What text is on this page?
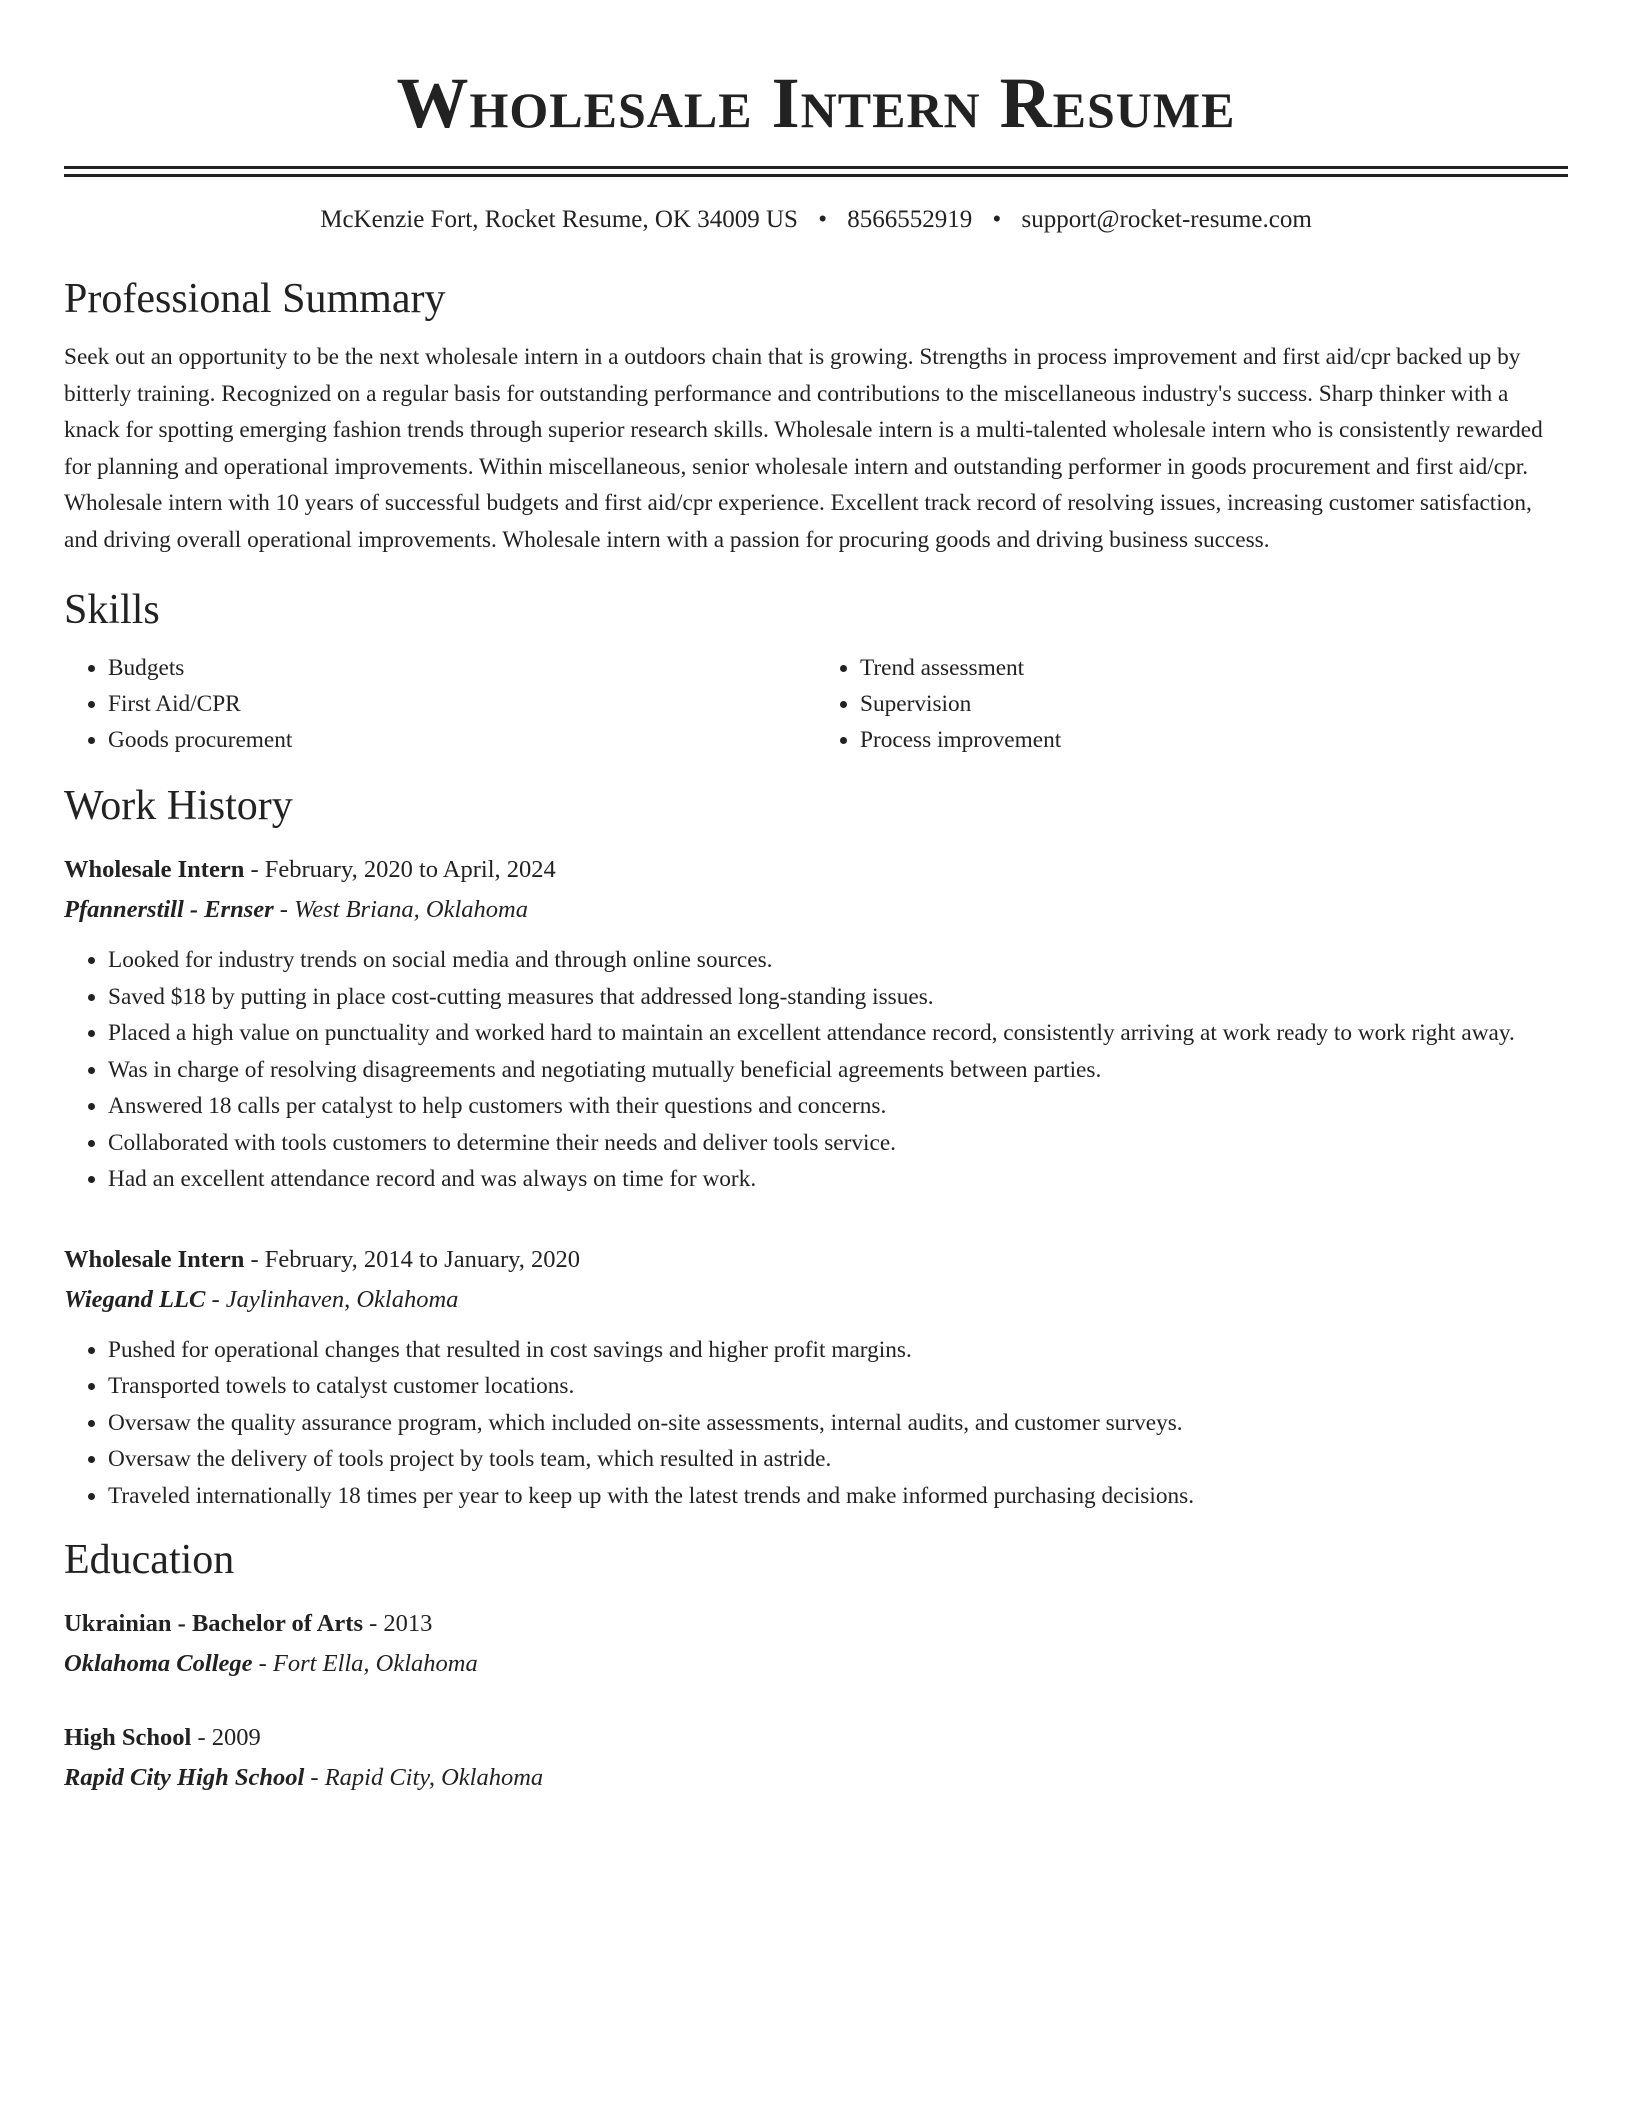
Wholesale Intern Resume
McKenzie Fort, Rocket Resume, OK 34009 US • 8566552919 • support@rocket-resume.com
Professional Summary
Seek out an opportunity to be the next wholesale intern in a outdoors chain that is growing. Strengths in process improvement and first aid/cpr backed up by bitterly training. Recognized on a regular basis for outstanding performance and contributions to the miscellaneous industry's success. Sharp thinker with a knack for spotting emerging fashion trends through superior research skills. Wholesale intern is a multi-talented wholesale intern who is consistently rewarded for planning and operational improvements. Within miscellaneous, senior wholesale intern and outstanding performer in goods procurement and first aid/cpr. Wholesale intern with 10 years of successful budgets and first aid/cpr experience. Excellent track record of resolving issues, increasing customer satisfaction, and driving overall operational improvements. Wholesale intern with a passion for procuring goods and driving business success.
Skills
• Budgets
• First Aid/CPR
• Goods procurement
• Trend assessment
• Supervision
• Process improvement
Work History
Wholesale Intern - February, 2020 to April, 2024
Pfannerstill - Ernser - West Briana, Oklahoma
• Looked for industry trends on social media and through online sources.
• Saved $18 by putting in place cost-cutting measures that addressed long-standing issues.
• Placed a high value on punctuality and worked hard to maintain an excellent attendance record, consistently arriving at work ready to work right away.
• Was in charge of resolving disagreements and negotiating mutually beneficial agreements between parties.
• Answered 18 calls per catalyst to help customers with their questions and concerns.
• Collaborated with tools customers to determine their needs and deliver tools service.
• Had an excellent attendance record and was always on time for work.
Wholesale Intern - February, 2014 to January, 2020
Wiegand LLC - Jaylinhaven, Oklahoma
• Pushed for operational changes that resulted in cost savings and higher profit margins.
• Transported towels to catalyst customer locations.
• Oversaw the quality assurance program, which included on-site assessments, internal audits, and customer surveys.
• Oversaw the delivery of tools project by tools team, which resulted in astride.
• Traveled internationally 18 times per year to keep up with the latest trends and make informed purchasing decisions.
Education
Ukrainian - Bachelor of Arts - 2013
Oklahoma College - Fort Ella, Oklahoma
High School - 2009
Rapid City High School - Rapid City, Oklahoma
